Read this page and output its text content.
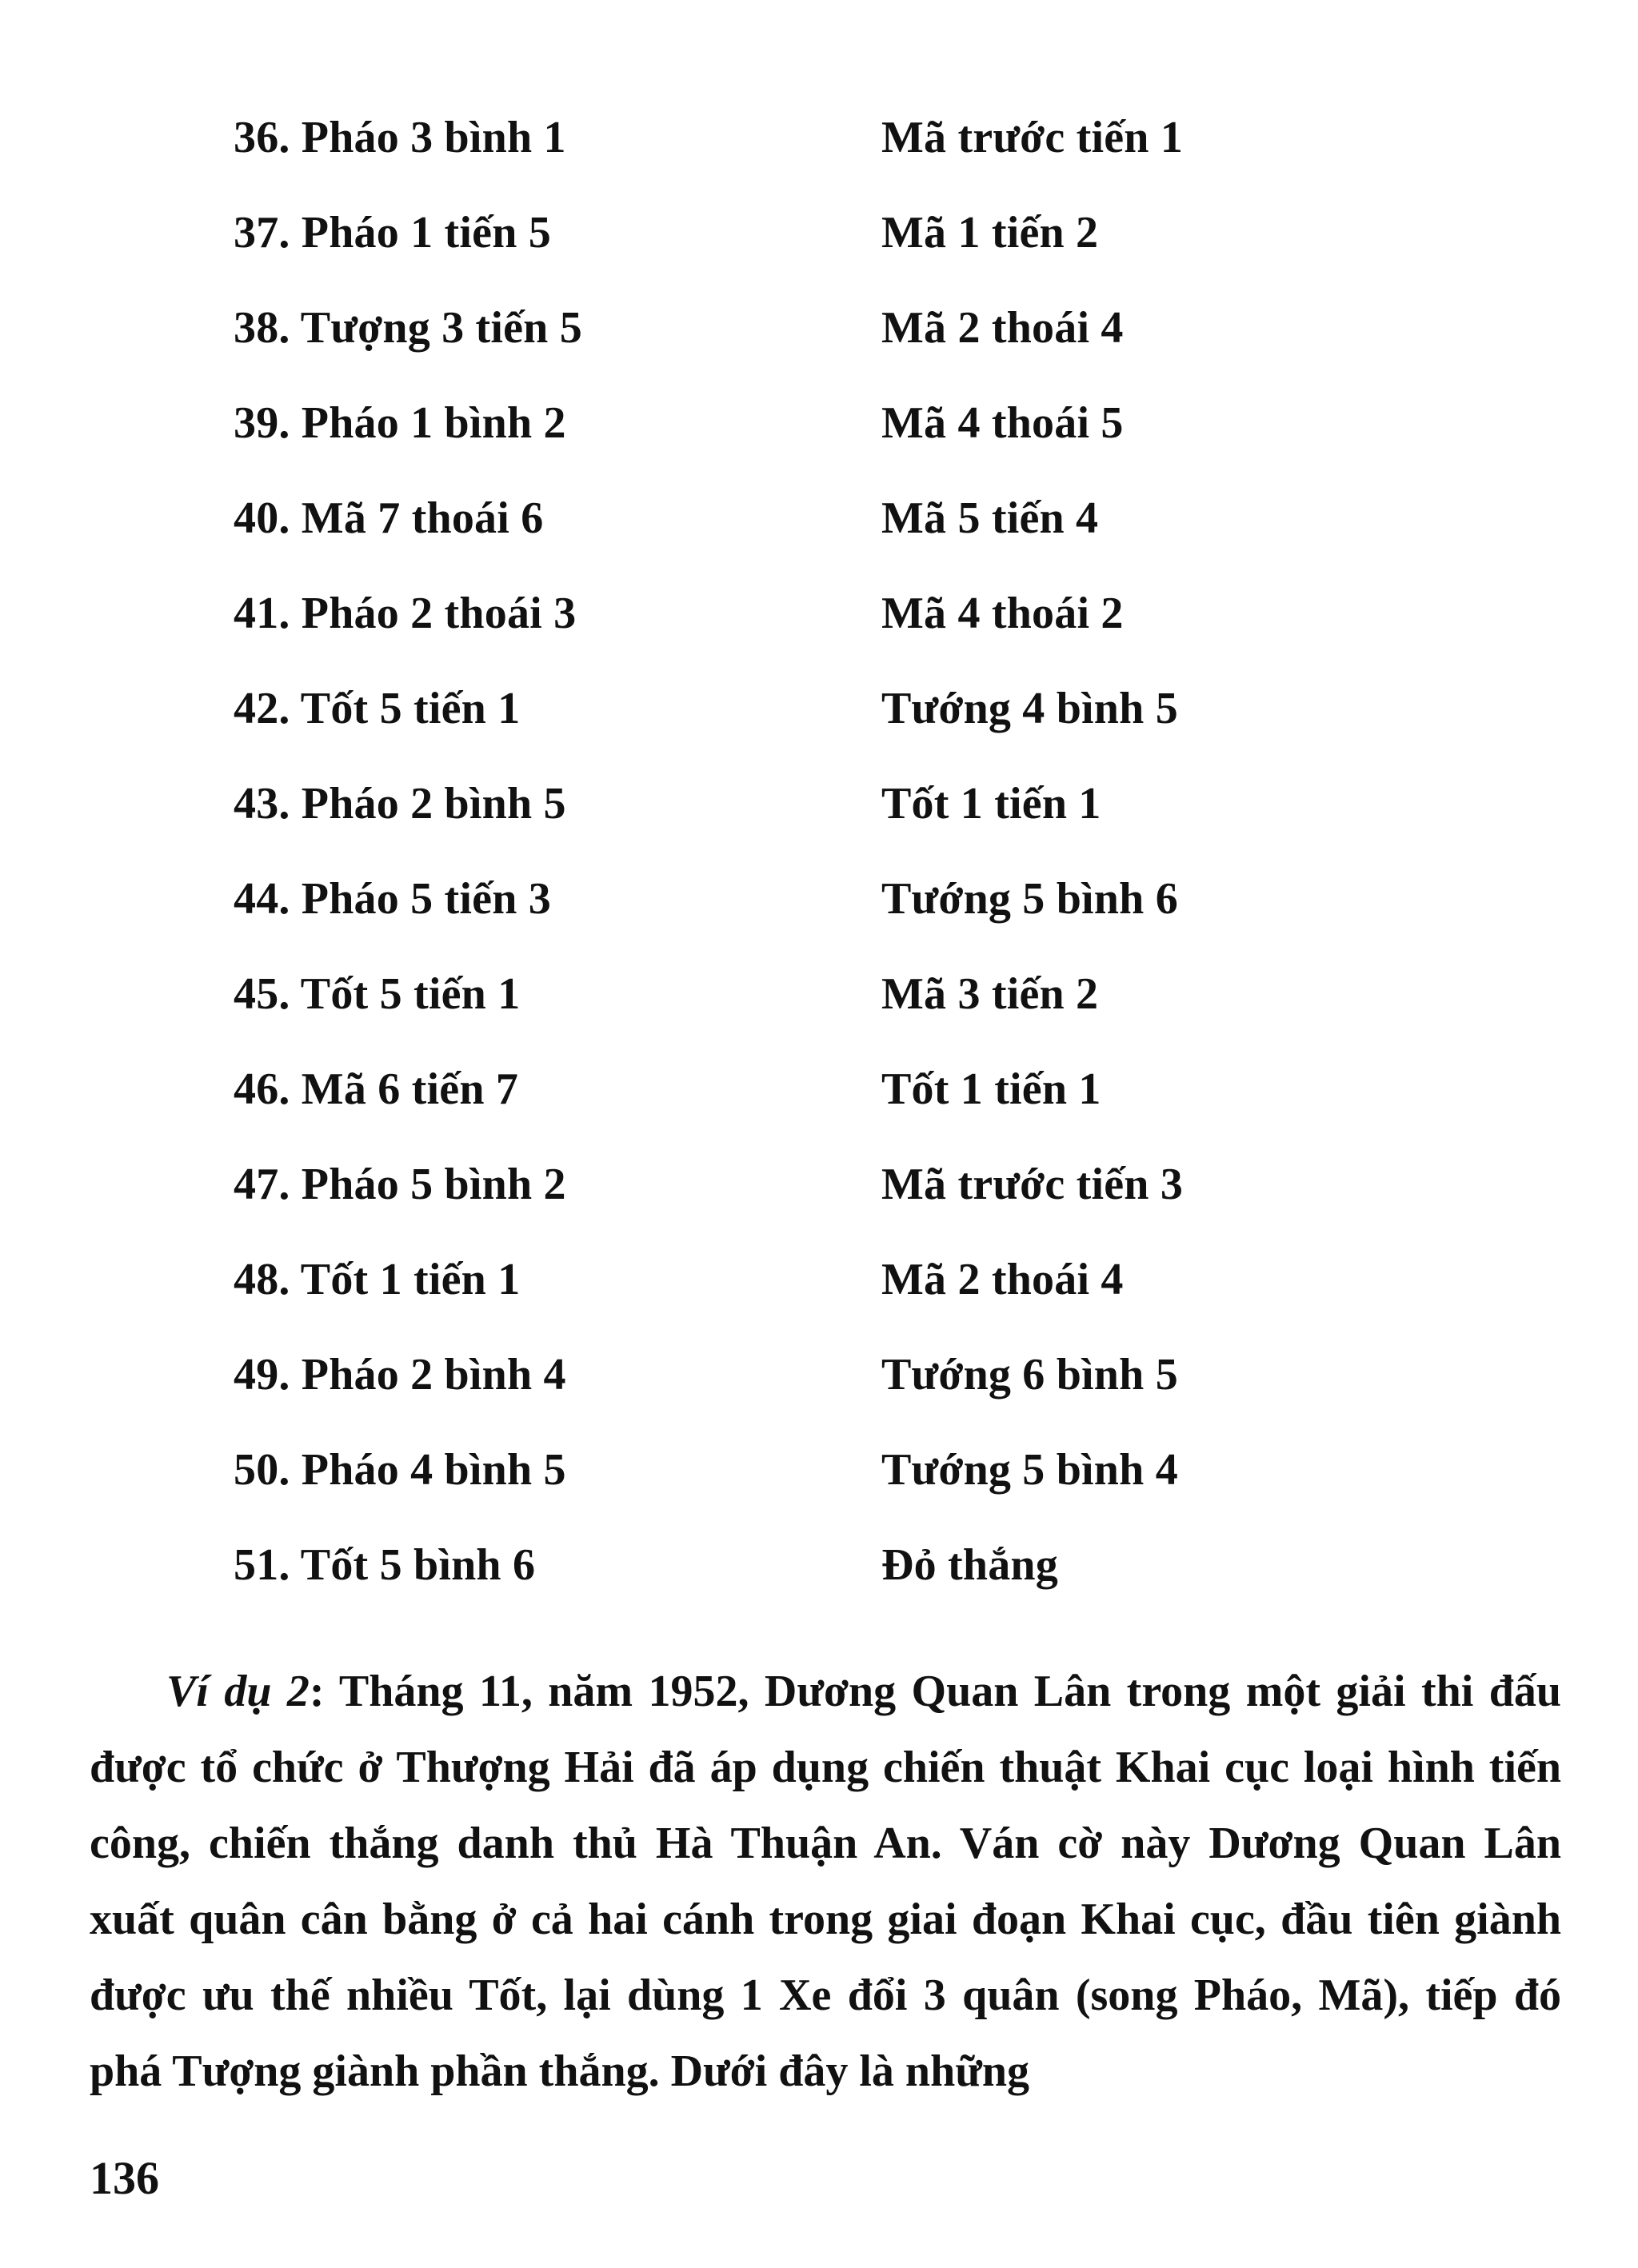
36. Pháo 3 bình 1	Mã trước tiến 1
37. Pháo 1 tiến 5	Mã 1 tiến 2
38. Tượng 3 tiến 5	Mã 2 thoái 4
39. Pháo 1 bình 2	Mã 4 thoái 5
40. Mã 7 thoái 6	Mã 5 tiến 4
41. Pháo 2 thoái 3	Mã 4 thoái 2
42. Tốt 5 tiến 1	Tướng 4 bình 5
43. Pháo 2 bình 5	Tốt 1 tiến 1
44. Pháo 5 tiến 3	Tướng 5 bình 6
45. Tốt 5 tiến 1	Mã 3 tiến 2
46. Mã 6 tiến 7	Tốt 1 tiến 1
47. Pháo 5 bình 2	Mã trước tiến 3
48. Tốt 1 tiến 1	Mã 2 thoái 4
49. Pháo 2 bình 4	Tướng 6 bình 5
50. Pháo 4 bình 5	Tướng 5 bình 4
51. Tốt 5 bình 6	Đỏ thắng

Ví dụ 2: Tháng 11, năm 1952, Dương Quan Lân trong một giải thi đấu được tổ chức ở Thượng Hải đã áp dụng chiến thuật Khai cục loại hình tiến công, chiến thắng danh thủ Hà Thuận An. Ván cờ này Dương Quan Lân xuất quân cân bằng ở cả hai cánh trong giai đoạn Khai cục, đầu tiên giành được ưu thế nhiều Tốt, lại dùng 1 Xe đổi 3 quân (song Pháo, Mã), tiếp đó phá Tượng giành phần thắng. Dưới đây là những

136
